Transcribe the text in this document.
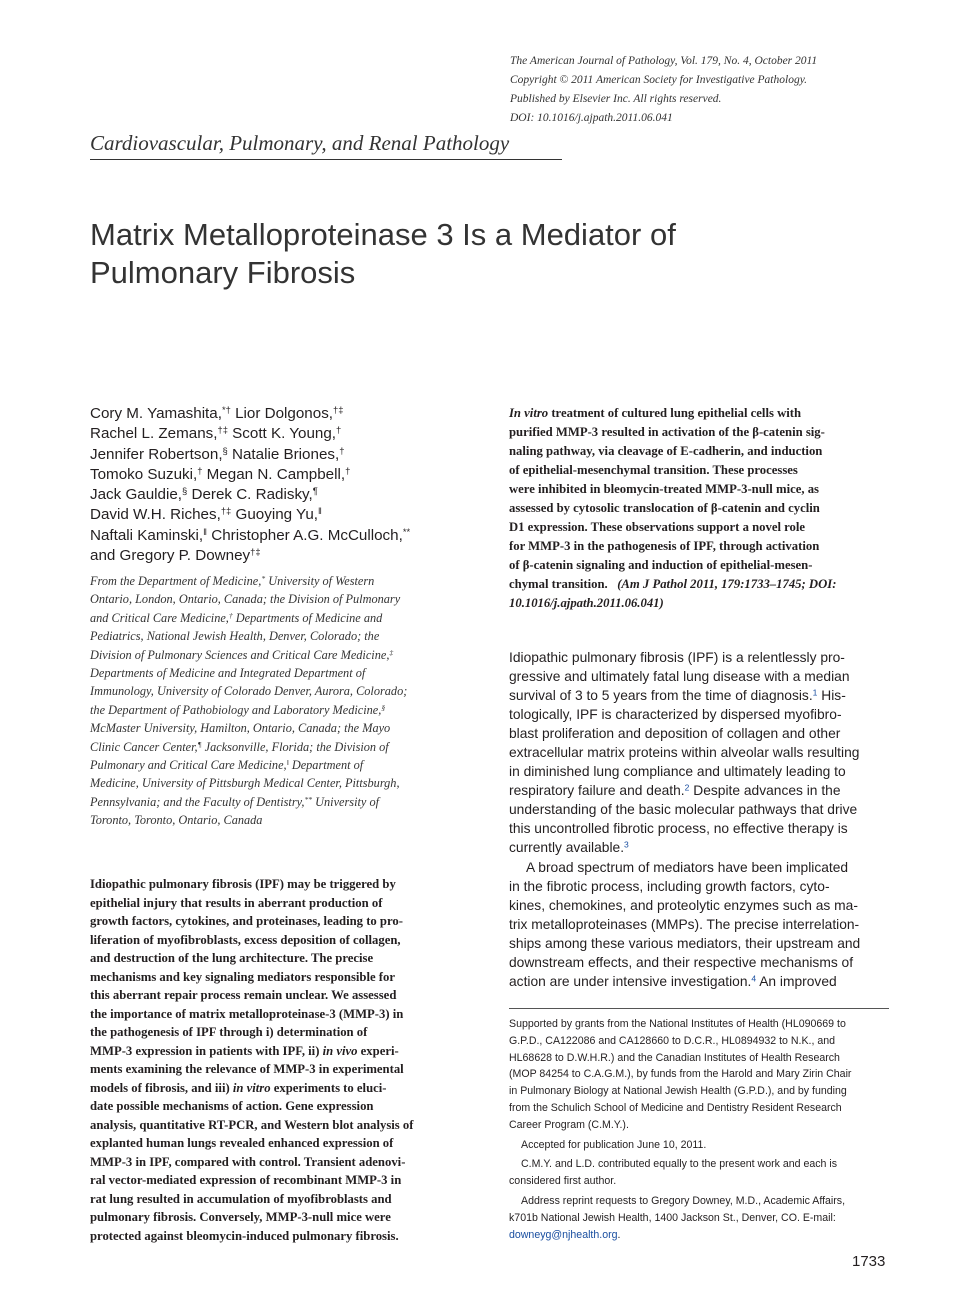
The American Journal of Pathology, Vol. 179, No. 4, October 2011
Copyright © 2011 American Society for Investigative Pathology.
Published by Elsevier Inc. All rights reserved.
DOI: 10.1016/j.ajpath.2011.06.041
Cardiovascular, Pulmonary, and Renal Pathology
Matrix Metalloproteinase 3 Is a Mediator of
Pulmonary Fibrosis
Cory M. Yamashita,*† Lior Dolgonos,†‡
Rachel L. Zemans,†‡ Scott K. Young,†
Jennifer Robertson,§ Natalie Briones,†
Tomoko Suzuki,† Megan N. Campbell,†
Jack Gauldie,§ Derek C. Radisky,¶
David W.H. Riches,†‡ Guoying Yu,‖
Naftali Kaminski,‖ Christopher A.G. McCulloch,**
and Gregory P. Downey†‡
From the Department of Medicine,* University of Western
Ontario, London, Ontario, Canada; the Division of Pulmonary
and Critical Care Medicine,† Departments of Medicine and
Pediatrics, National Jewish Health, Denver, Colorado; the
Division of Pulmonary Sciences and Critical Care Medicine,‡
Departments of Medicine and Integrated Department of
Immunology, University of Colorado Denver, Aurora, Colorado;
the Department of Pathobiology and Laboratory Medicine,§
McMaster University, Hamilton, Ontario, Canada; the Mayo
Clinic Cancer Center,¶ Jacksonville, Florida; the Division of
Pulmonary and Critical Care Medicine,‖ Department of
Medicine, University of Pittsburgh Medical Center, Pittsburgh,
Pennsylvania; and the Faculty of Dentistry,** University of
Toronto, Toronto, Ontario, Canada
Idiopathic pulmonary fibrosis (IPF) may be triggered by
epithelial injury that results in aberrant production of
growth factors, cytokines, and proteinases, leading to pro-
liferation of myofibroblasts, excess deposition of collagen,
and destruction of the lung architecture. The precise
mechanisms and key signaling mediators responsible for
this aberrant repair process remain unclear. We assessed
the importance of matrix metalloproteinase-3 (MMP-3) in
the pathogenesis of IPF through i) determination of
MMP-3 expression in patients with IPF, ii) in vivo experi-
ments examining the relevance of MMP-3 in experimental
models of fibrosis, and iii) in vitro experiments to eluci-
date possible mechanisms of action. Gene expression
analysis, quantitative RT-PCR, and Western blot analysis of
explanted human lungs revealed enhanced expression of
MMP-3 in IPF, compared with control. Transient adenovi-
ral vector-mediated expression of recombinant MMP-3 in
rat lung resulted in accumulation of myofibroblasts and
pulmonary fibrosis. Conversely, MMP-3-null mice were
protected against bleomycin-induced pulmonary fibrosis.
In vitro treatment of cultured lung epithelial cells with
purified MMP-3 resulted in activation of the β-catenin sig-
naling pathway, via cleavage of E-cadherin, and induction
of epithelial-mesenchymal transition. These processes
were inhibited in bleomycin-treated MMP-3-null mice, as
assessed by cytosolic translocation of β-catenin and cyclin
D1 expression. These observations support a novel role
for MMP-3 in the pathogenesis of IPF, through activation
of β-catenin signaling and induction of epithelial-mesen-
chymal transition. (Am J Pathol 2011, 179:1733–1745; DOI:
10.1016/j.ajpath.2011.06.041)
Idiopathic pulmonary fibrosis (IPF) is a relentlessly pro-
gressive and ultimately fatal lung disease with a median
survival of 3 to 5 years from the time of diagnosis.$^1$ His-
tologically, IPF is characterized by dispersed myofibro-
blast proliferation and deposition of collagen and other
extracellular matrix proteins within alveolar walls resulting
in diminished lung compliance and ultimately leading to
respiratory failure and death.$^2$ Despite advances in the
understanding of the basic molecular pathways that drive
this uncontrolled fibrotic process, no effective therapy is
currently available.$^3$
A broad spectrum of mediators have been implicated
in the fibrotic process, including growth factors, cyto-
kines, chemokines, and proteolytic enzymes such as ma-
trix metalloproteinases (MMPs). The precise interrelation-
ships among these various mediators, their upstream and
downstream effects, and their respective mechanisms of
action are under intensive investigation.$^4$ An improved
Supported by grants from the National Institutes of Health (HL090669 to
G.P.D., CA122086 and CA128660 to D.C.R., HL0894932 to N.K., and
HL68628 to D.W.H.R.) and the Canadian Institutes of Health Research
(MOP 84254 to C.A.G.M.), by funds from the Harold and Mary Zirin Chair
in Pulmonary Biology at National Jewish Health (G.P.D.), and by funding
from the Schulich School of Medicine and Dentistry Resident Research
Career Program (C.M.Y.).
Accepted for publication June 10, 2011.
C.M.Y. and L.D. contributed equally to the present work and each is
considered first author.
Address reprint requests to Gregory Downey, M.D., Academic Affairs,
k701b National Jewish Health, 1400 Jackson St., Denver, CO. E-mail:
downeyg@njhealth.org.
1733
